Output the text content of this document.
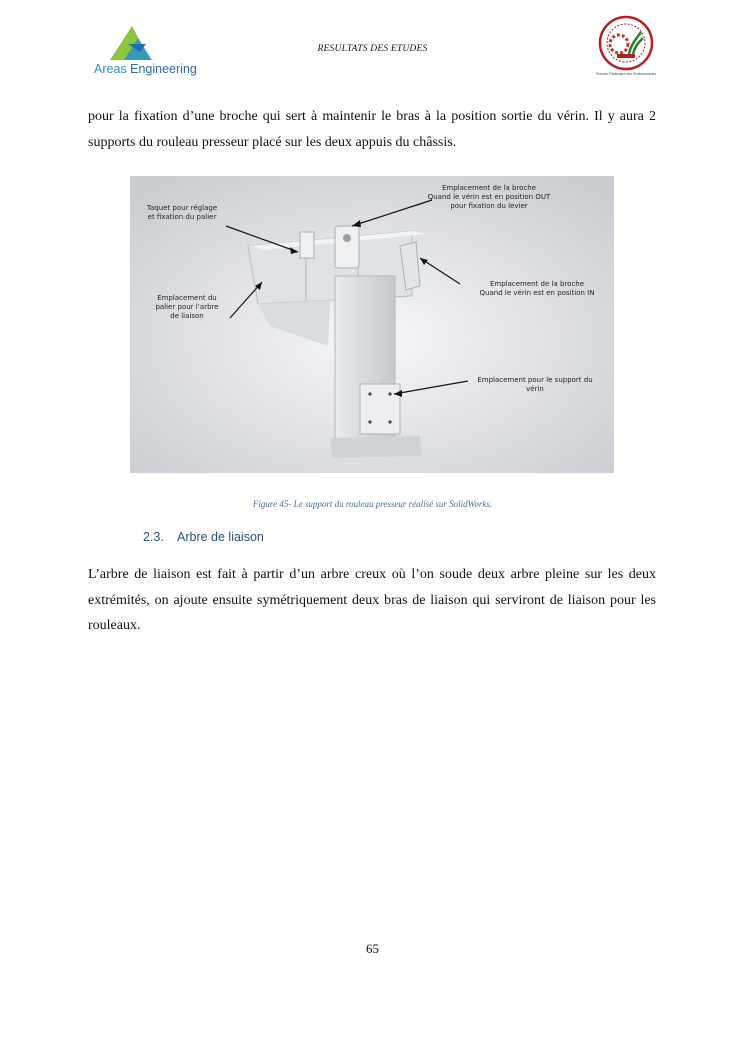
Areas Engineering
RESULTATS DES ETUDES
Premier Partenaire des Professionnels

pour la fixation d’une broche qui sert à maintenir le bras à la position sortie du vérin. Il y aura 2 supports du rouleau presseur placé sur les deux appuis du châssis.

Taquet pour réglage
et fixation du palier
Emplacement de la broche
Quand le vérin est en position OUT
pour fixation du levier
Emplacement de la broche
Quand le vérin est en position IN
Emplacement du
palier pour l’arbre
de liaison
Emplacement pour le support du
vérin
Figure 45- Le support du rouleau presseur réalisé sur SolidWorks.
2.3. Arbre de liaison

L’arbre de liaison est fait à partir d’un arbre creux où l’on soude deux arbre pleine sur les deux extrémités, on ajoute ensuite symétriquement deux bras de liaison qui serviront de liaison pour les rouleaux.

65
